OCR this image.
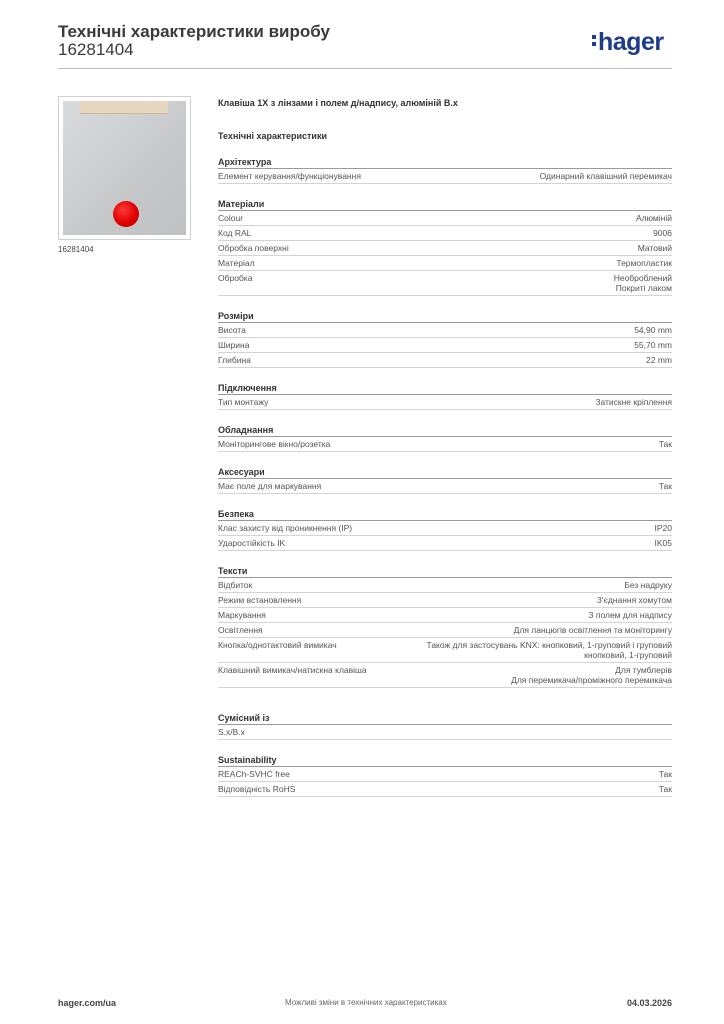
Технічні характеристики виробу
16281404	hager
16281404
Клавіша 1X з лінзами і полем д/надпису, алюміній B.x
Технічні характеристики
Архітектура
Елемент керування/функціонування	Одинарний клавішний перемикач
Матеріали
Colour	Алюміній
Код RAL	9006
Обробка поверхні	Матовий
Матеріал	Термопластик
Обробка	Необроблений
Покриті лаком
Розміри
Висота	54,90 mm
Ширина	55,70 mm
Глибина	22 mm
Підключення
Тип монтажу	Затискне кріплення
Обладнання
Моніторингове вікно/розетка	Так
Аксесуари
Має поле для маркування	Так
Безпека
Клас захисту від проникнення (IP)	IP20
Ударостійкість IK	IK05
Тексти
Відбиток	Без надруку
Режим встановлення	З'єднання хомутом
Маркування	З полем для надпису
Освітлення	Для ланцюгів освітлення та моніторингу
Кнопка/однотактовий вимикач	Також для застосувань KNX: кнопковий, 1-груповий і груповий
кнопковий, 1-груповий
Клавішний вимикач/натискна клавіша	Для тумблерів
Для перемикача/проміжного перемикача
Сумісний із
S.x/B.x
Sustainability
REACh-SVHC free	Так
Відповідність RoHS	Так
hager.com/ua	Можливі зміни в технічних характеристиках	04.03.2026
